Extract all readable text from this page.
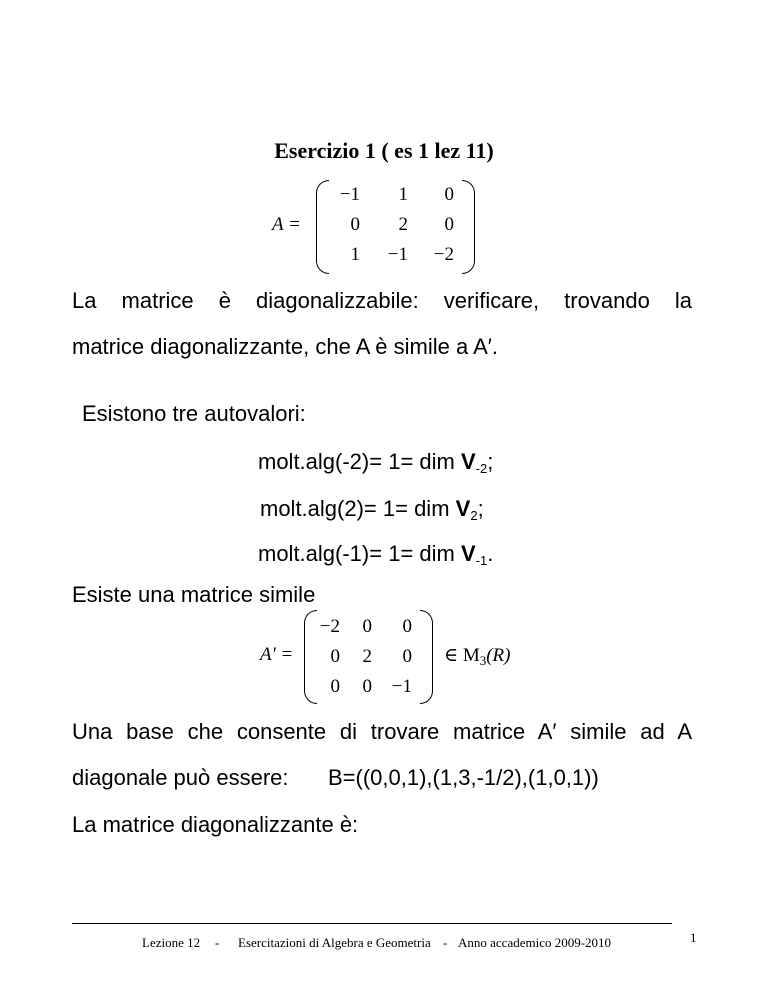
Esercizio 1 ( es 1 lez 11)
A =
−1	1	0
0	2	0
1	−1	−2
La matrice è diagonalizzabile: verificare, trovando la
matrice diagonalizzante, che A è simile a A′.
Esistono tre autovalori:
molt.alg(-2)= 1= dim $V_{-2}$;
molt.alg(2)= 1= dim $V_2$;
molt.alg(-1)= 1= dim $V_{-1}$.
Esiste una matrice simile
A' =
−2	0	0
0	2	0
0	0	−1
∈ $M_3(R)$
Una base che consente di trovare matrice A′ simile ad A
diagonale può essere: B=((0,0,1),(1,3,-1/2),(1,0,1))
La matrice diagonalizzante è:
Lezione 12 - Esercitazioni di Algebra e Geometria - Anno accademico 2009-2010	1
